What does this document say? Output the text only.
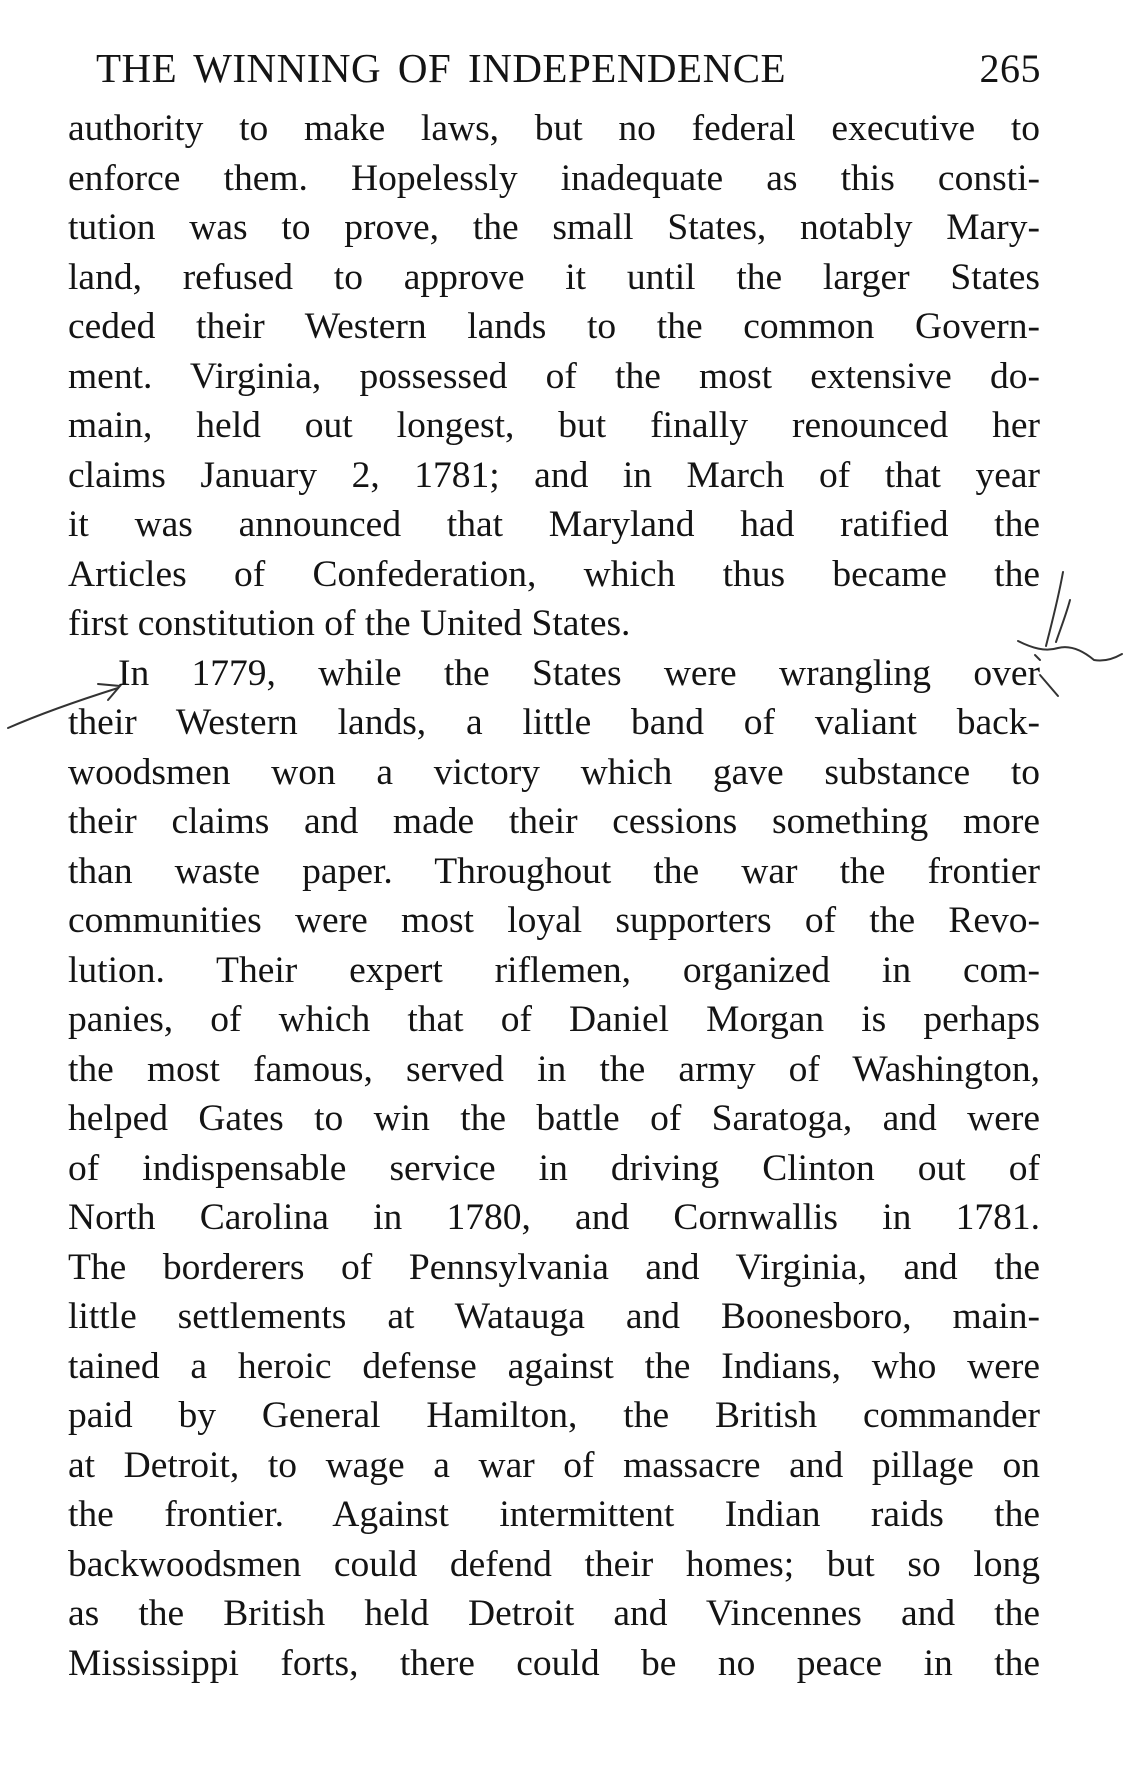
THE WINNING OF INDEPENDENCE	265
authority to make laws, but no federal executive to
enforce them. Hopelessly inadequate as this consti-
tution was to prove, the small States, notably Mary-
land, refused to approve it until the larger States
ceded their Western lands to the common Govern-
ment. Virginia, possessed of the most extensive do-
main, held out longest, but finally renounced her
claims January 2, 1781; and in March of that year
it was announced that Maryland had ratified the
Articles of Confederation, which thus became the
first constitution of the United States.
In 1779, while the States were wrangling over
their Western lands, a little band of valiant back-
woodsmen won a victory which gave substance to
their claims and made their cessions something more
than waste paper. Throughout the war the frontier
communities were most loyal supporters of the Revo-
lution. Their expert riflemen, organized in com-
panies, of which that of Daniel Morgan is perhaps
the most famous, served in the army of Washington,
helped Gates to win the battle of Saratoga, and were
of indispensable service in driving Clinton out of
North Carolina in 1780, and Cornwallis in 1781.
The borderers of Pennsylvania and Virginia, and the
little settlements at Watauga and Boonesboro, main-
tained a heroic defense against the Indians, who were
paid by General Hamilton, the British commander
at Detroit, to wage a war of massacre and pillage on
the frontier. Against intermittent Indian raids the
backwoodsmen could defend their homes; but so long
as the British held Detroit and Vincennes and the
Mississippi forts, there could be no peace in the
